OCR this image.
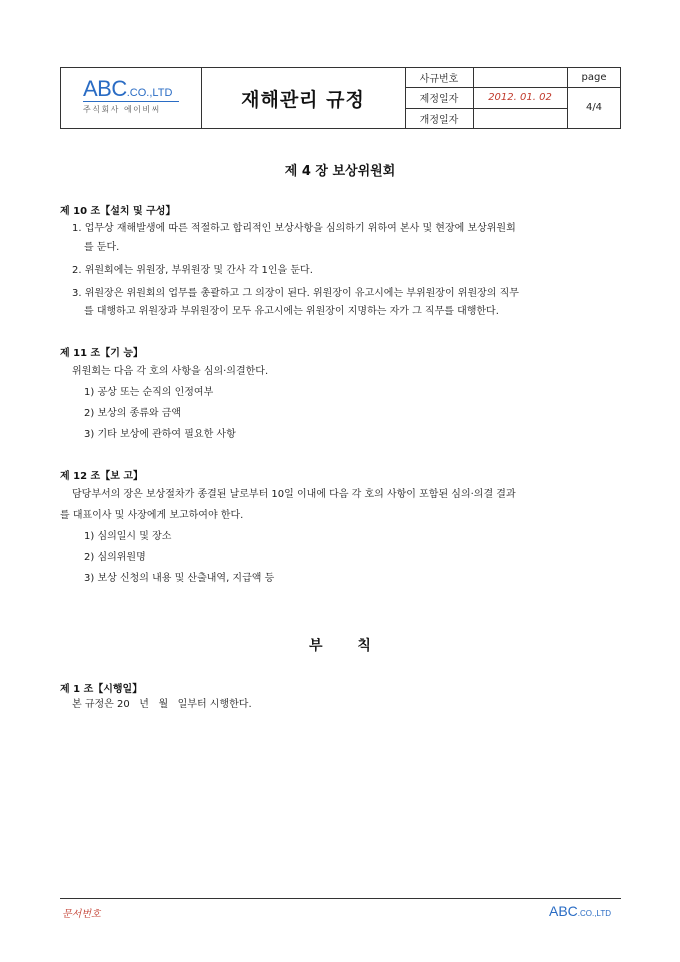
ABC.CO.,LTD
주식회사 에이비씨	재해관리 규정
사규번호
제정일자
개정일자
2012. 01. 02
page
4/4
제 4 장 보상위원회
제 10 조【설치 및 구성】
1. 업무상 재해발생에 따른 적절하고 합리적인 보상사항을 심의하기 위하여 본사 및 현장에 보상위원회
를 둔다.
2. 위원회에는 위원장, 부위원장 및 간사 각 1인을 둔다.
3. 위원장은 위원회의 업무를 총괄하고 그 의장이 된다. 위원장이 유고시에는 부위원장이 위원장의 직무
를 대행하고 위원장과 부위원장이 모두 유고시에는 위원장이 지명하는 자가 그 직무를 대행한다.
제 11 조【기 능】
위원회는 다음 각 호의 사항을 심의·의결한다.
1) 공상 또는 순직의 인정여부
2) 보상의 종류와 금액
3) 기타 보상에 관하여 필요한 사항
제 12 조【보 고】
담당부서의 장은 보상절차가 종결된 날로부터 10일 이내에 다음 각 호의 사항이 포함된 심의·의결 결과
를 대표이사 및 사장에게 보고하여야 한다.
1) 심의일시 및 장소
2) 심의위원명
3) 보상 신청의 내용 및 산출내역, 지급액 등
부 칙
제 1 조【시행일】
본 규정은 20   년   월   일부터 시행한다.
문서번호	ABC.CO.,LTD
